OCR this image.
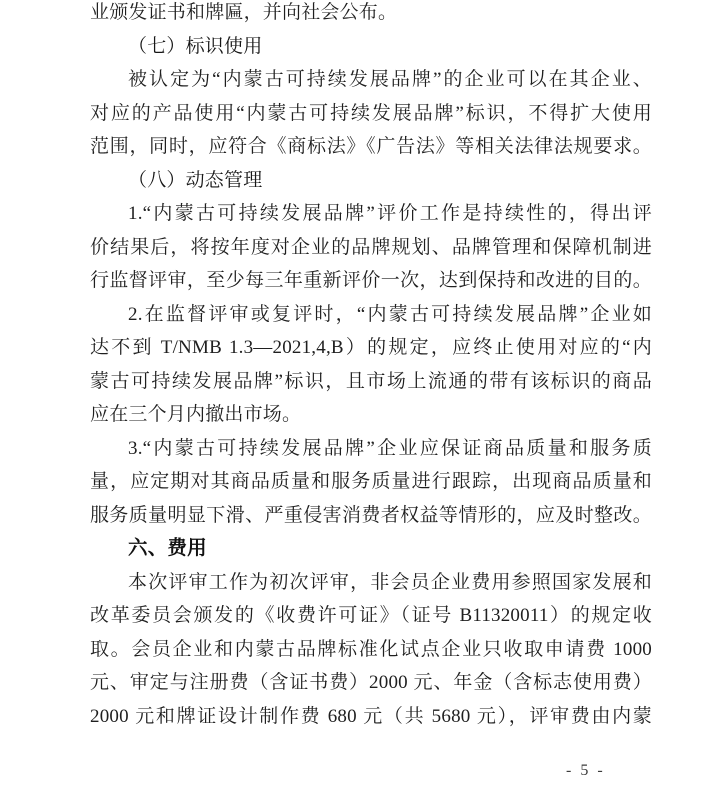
业颁发证书和牌匾，并向社会公布。
（七）标识使用
被认定为“内蒙古可持续发展品牌”的企业可以在其企业、
对应的产品使用“内蒙古可持续发展品牌”标识，不得扩大使用
范围，同时，应符合《商标法》《广告法》等相关法律法规要求。
（八）动态管理
1.“内蒙古可持续发展品牌”评价工作是持续性的，得出评
价结果后，将按年度对企业的品牌规划、品牌管理和保障机制进
行监督评审，至少每三年重新评价一次，达到保持和改进的目的。
2.在监督评审或复评时，“内蒙古可持续发展品牌”企业如
达不到 T/NMB 1.3—2021,4,B）的规定，应终止使用对应的“内
蒙古可持续发展品牌”标识，且市场上流通的带有该标识的商品
应在三个月内撤出市场。
3.“内蒙古可持续发展品牌”企业应保证商品质量和服务质
量，应定期对其商品质量和服务质量进行跟踪，出现商品质量和
服务质量明显下滑、严重侵害消费者权益等情形的，应及时整改。
六、费用
本次评审工作为初次评审，非会员企业费用参照国家发展和
改革委员会颁发的《收费许可证》（证号 B11320011）的规定收
取。会员企业和内蒙古品牌标准化试点企业只收取申请费 1000
元、审定与注册费（含证书费）2000 元、年金（含标志使用费）
2000 元和牌证设计制作费 680 元（共 5680 元），评审费由内蒙
- 5 -
